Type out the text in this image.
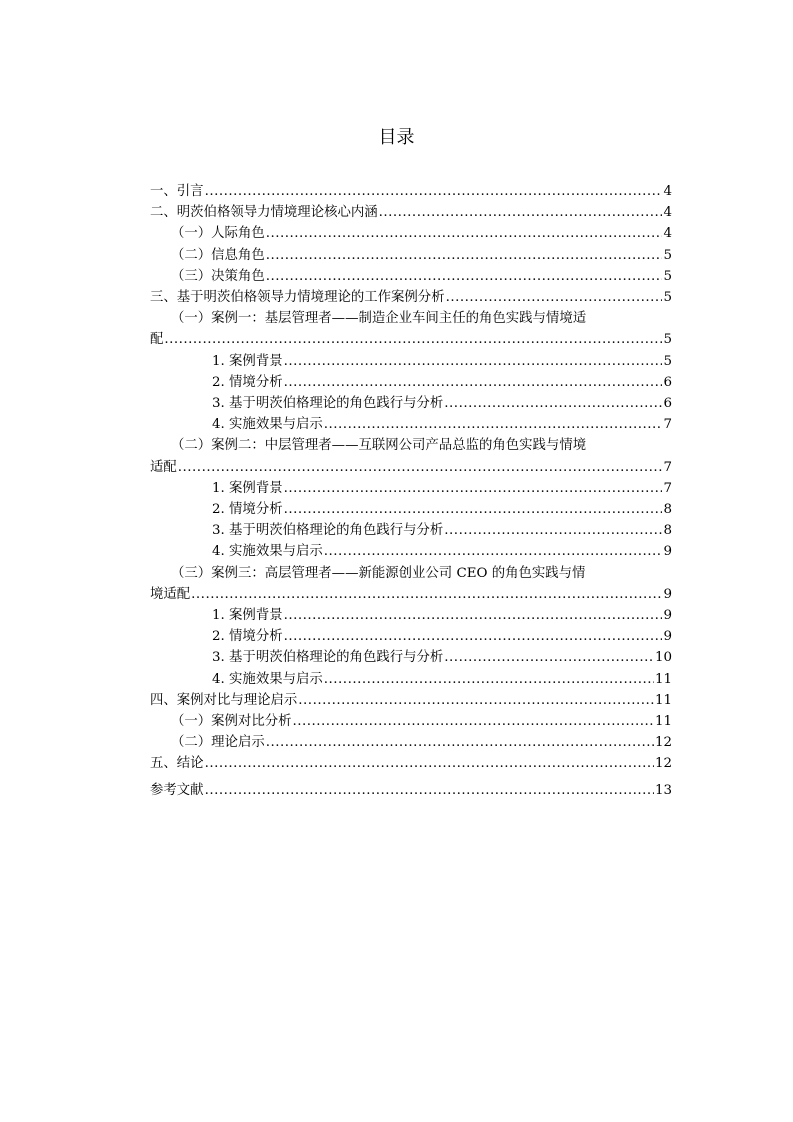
目录
一、引言 .....	4
二、明茨伯格领导力情境理论核心内涵 .....	4
（一）人际角色 .....	4
（二）信息角色 .....	5
（三）决策角色 .....	5
三、基于明茨伯格领导力情境理论的工作案例分析 .....	5
（一）案例一：基层管理者——制造企业车间主任的角色实践与情境适
配 .....	5
1. 案例背景 .....	5
2. 情境分析 .....	6
3. 基于明茨伯格理论的角色践行与分析 .....	6
4. 实施效果与启示 .....	7
（二）案例二：中层管理者——互联网公司产品总监的角色实践与情境
适配 .....	7
1. 案例背景 .....	7
2. 情境分析 .....	8
3. 基于明茨伯格理论的角色践行与分析 .....	8
4. 实施效果与启示 .....	9
（三）案例三：高层管理者——新能源创业公司 CEO 的角色实践与情
境适配 .....	9
1. 案例背景 .....	9
2. 情境分析 .....	9
3. 基于明茨伯格理论的角色践行与分析 .....	10
4. 实施效果与启示 .....	11
四、案例对比与理论启示 .....	11
（一）案例对比分析 .....	11
（二）理论启示 .....	12
五、结论 .....	12
参考文献 .....	13
